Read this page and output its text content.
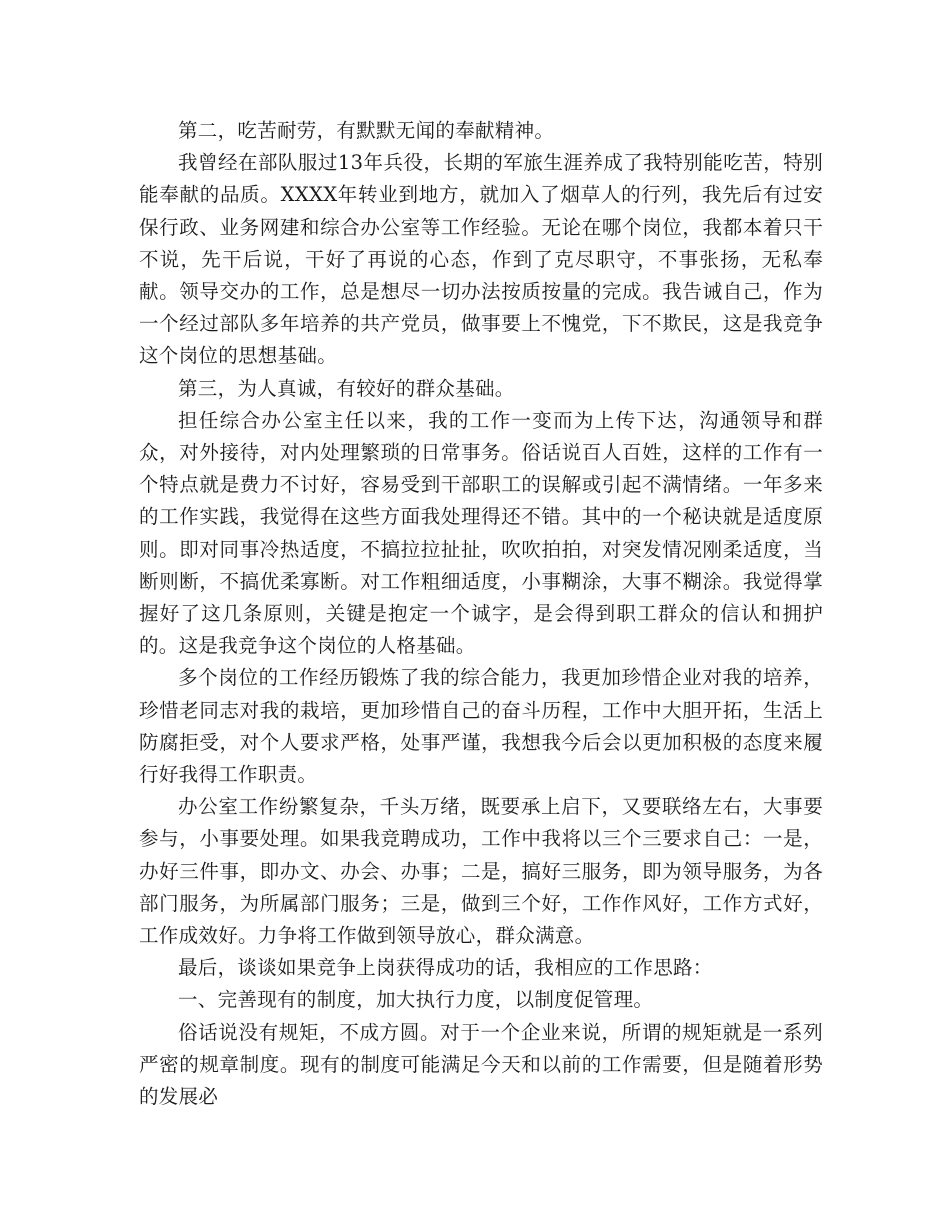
第二，吃苦耐劳，有默默无闻的奉献精神。

我曾经在部队服过13年兵役，长期的军旅生涯养成了我特别能吃苦，特别能奉献的品质。XXXX年转业到地方，就加入了烟草人的行列，我先后有过安保行政、业务网建和综合办公室等工作经验。无论在哪个岗位，我都本着只干不说，先干后说，干好了再说的心态，作到了克尽职守，不事张扬，无私奉献。领导交办的工作，总是想尽一切办法按质按量的完成。我告诫自己，作为一个经过部队多年培养的共产党员，做事要上不愧党，下不欺民，这是我竞争这个岗位的思想基础。

第三，为人真诚，有较好的群众基础。

担任综合办公室主任以来，我的工作一变而为上传下达，沟通领导和群众，对外接待，对内处理繁琐的日常事务。俗话说百人百姓，这样的工作有一个特点就是费力不讨好，容易受到干部职工的误解或引起不满情绪。一年多来的工作实践，我觉得在这些方面我处理得还不错。其中的一个秘诀就是适度原则。即对同事冷热适度，不搞拉拉扯扯，吹吹拍拍，对突发情况刚柔适度，当断则断，不搞优柔寡断。对工作粗细适度，小事糊涂，大事不糊涂。我觉得掌握好了这几条原则，关键是抱定一个诚字，是会得到职工群众的信认和拥护的。这是我竞争这个岗位的人格基础。

多个岗位的工作经历锻炼了我的综合能力，我更加珍惜企业对我的培养，珍惜老同志对我的栽培，更加珍惜自己的奋斗历程，工作中大胆开拓，生活上防腐拒受，对个人要求严格，处事严谨，我想我今后会以更加积极的态度来履行好我得工作职责。

办公室工作纷繁复杂，千头万绪，既要承上启下，又要联络左右，大事要参与，小事要处理。如果我竞聘成功，工作中我将以三个三要求自己：一是，办好三件事，即办文、办会、办事；二是，搞好三服务，即为领导服务，为各部门服务，为所属部门服务；三是，做到三个好，工作作风好，工作方式好，工作成效好。力争将工作做到领导放心，群众满意。

最后，谈谈如果竞争上岗获得成功的话，我相应的工作思路：

一、完善现有的制度，加大执行力度，以制度促管理。

俗话说没有规矩，不成方圆。对于一个企业来说，所谓的规矩就是一系列严密的规章制度。现有的制度可能满足今天和以前的工作需要，但是随着形势的发展必
